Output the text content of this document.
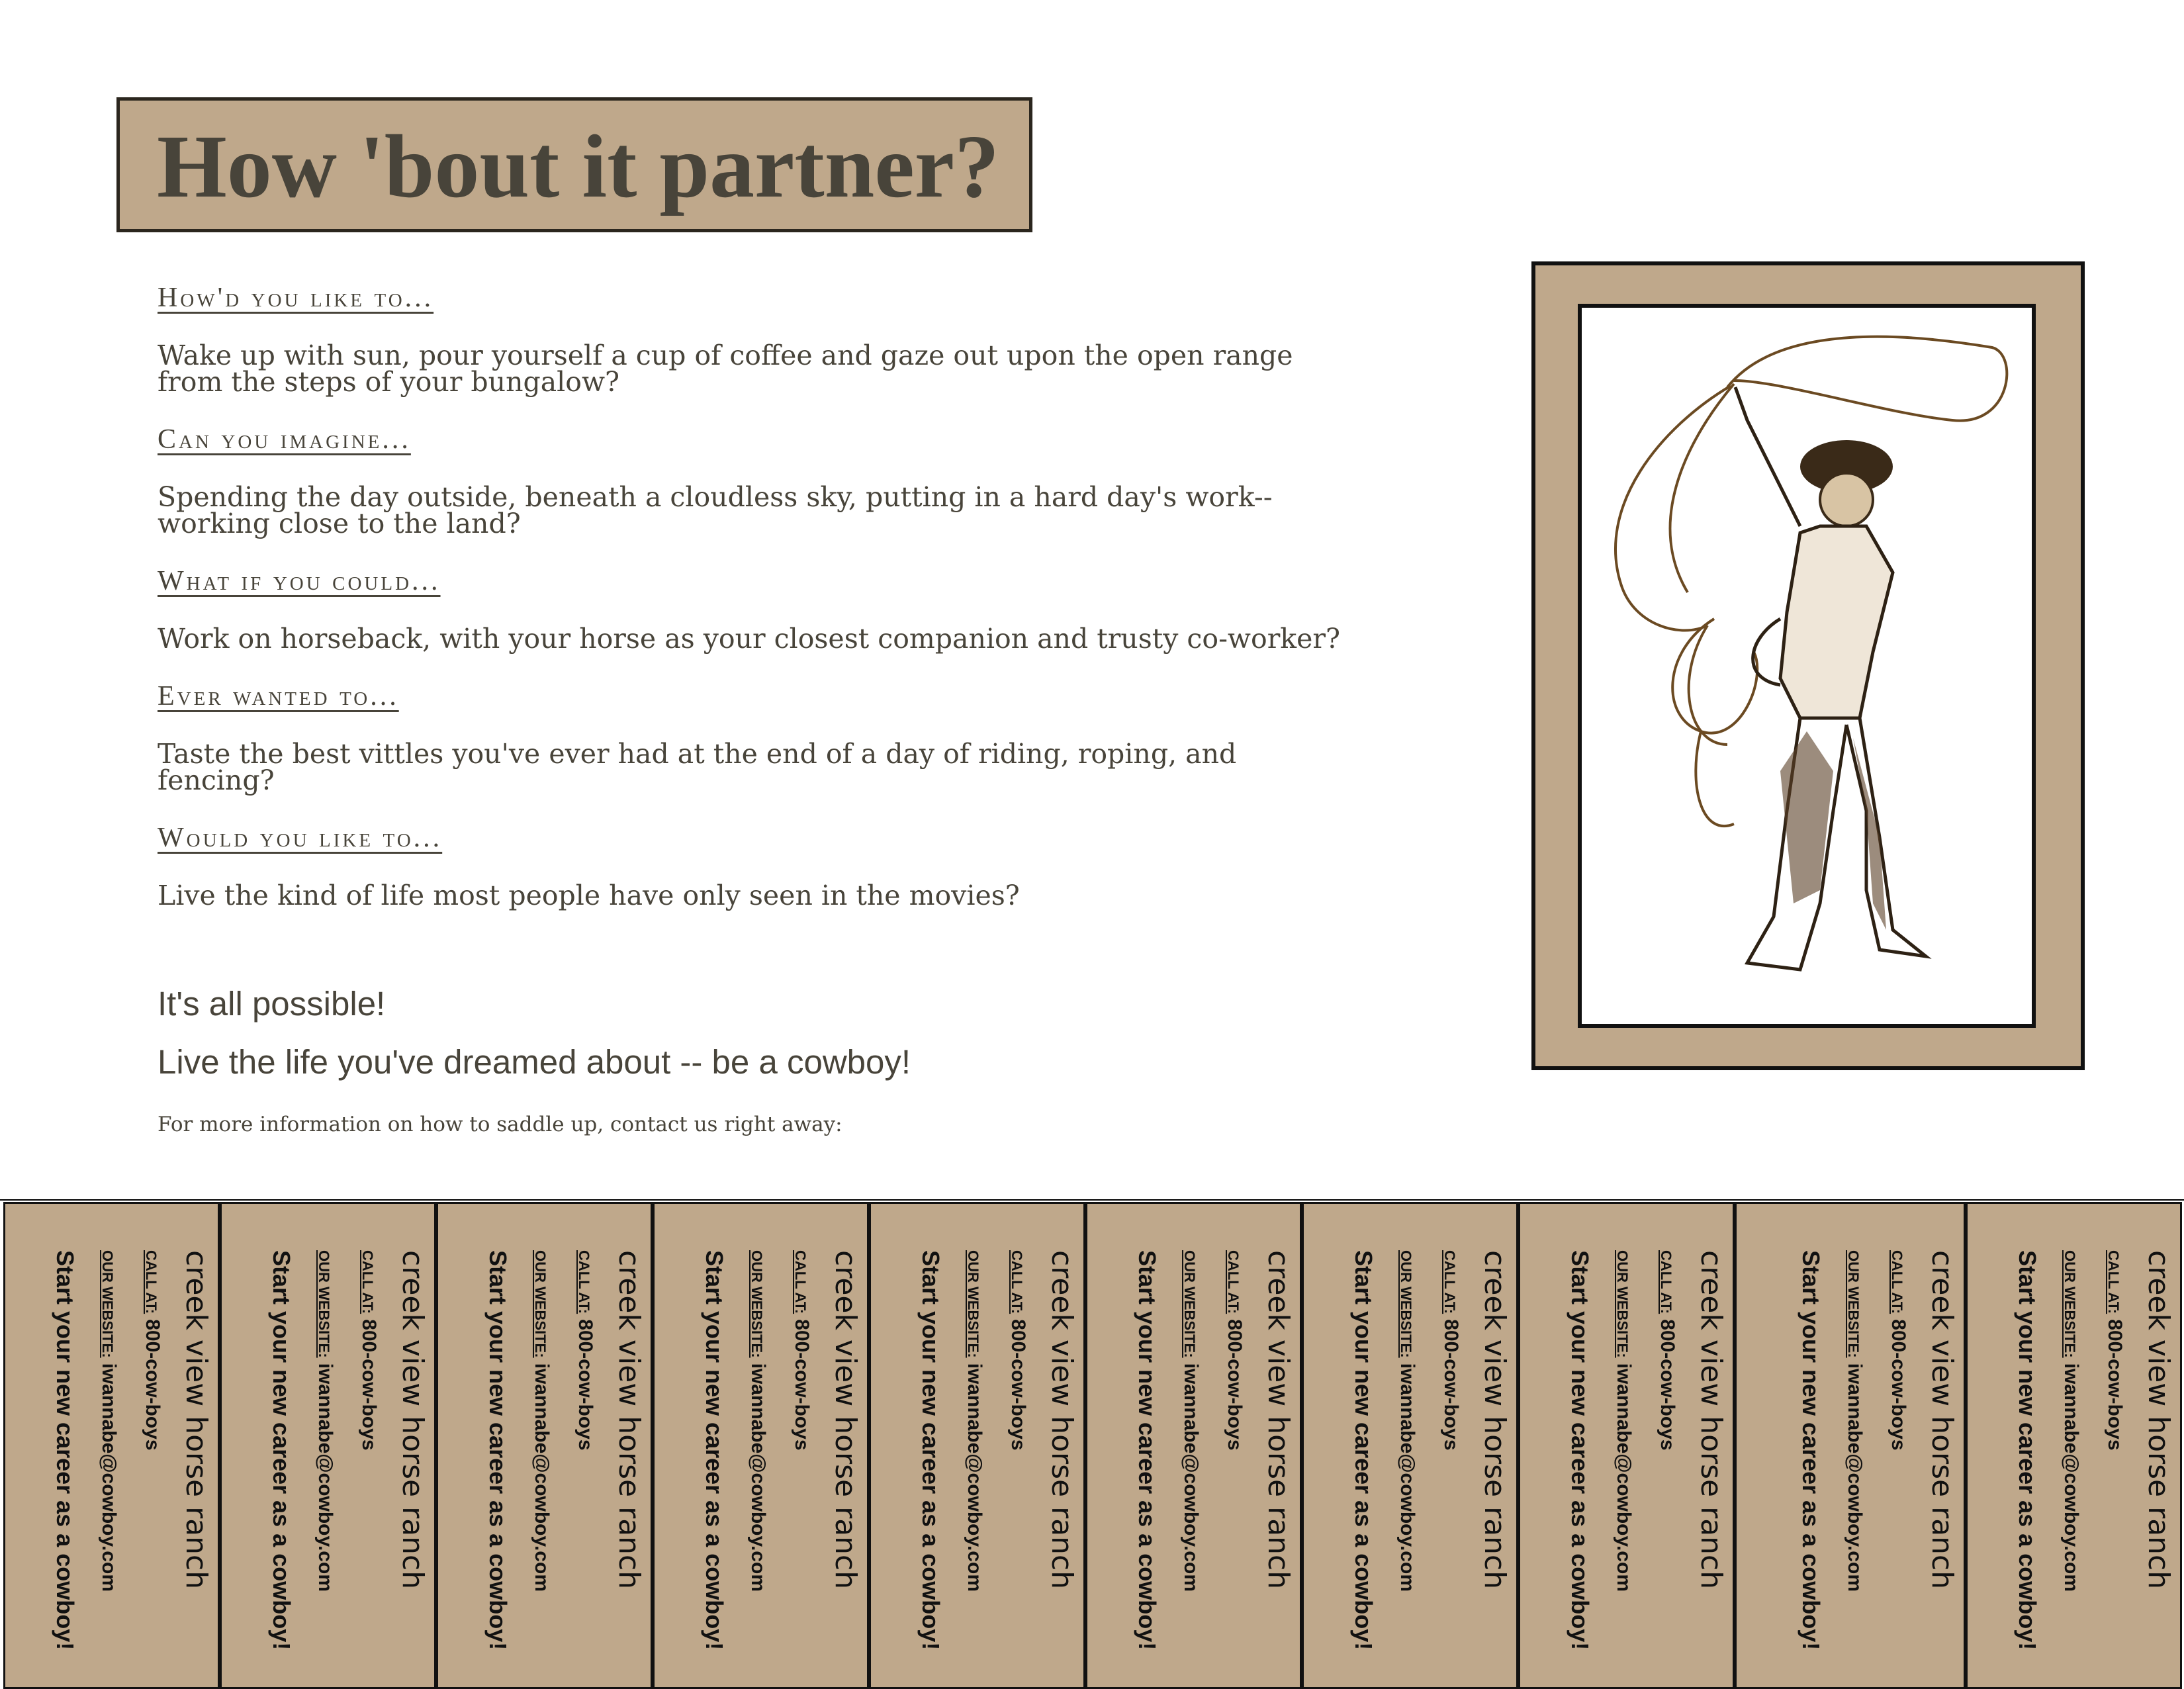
How 'bout it partner?
How'd you like to...

Wake up with sun, pour yourself a cup of coffee and gaze out upon the open range from the steps of your bungalow?

Can you imagine...

Spending the day outside, beneath a cloudless sky, putting in a hard day's work--working close to the land?

What if you could...

Work on horseback, with your horse as your closest companion and trusty co-worker?

Ever wanted to...

Taste the best vittles you've ever had at the end of a day of riding, roping, and fencing?

Would you like to...

Live the kind of life most people have only seen in the movies?

It's all possible!
Live the life you've dreamed about -- be a cowboy!
For more information on how to saddle up, contact us right away:
creek view horse ranch
CALL AT:800-cow-boys
OUR WEBSITE:iwannabe@cowboy.com
Start your new career as a cowboy!	creek view horse ranch
CALL AT:800-cow-boys
OUR WEBSITE:iwannabe@cowboy.com
Start your new career as a cowboy!	creek view horse ranch
CALL AT:800-cow-boys
OUR WEBSITE:iwannabe@cowboy.com
Start your new career as a cowboy!	creek view horse ranch
CALL AT:800-cow-boys
OUR WEBSITE:iwannabe@cowboy.com
Start your new career as a cowboy!	creek view horse ranch
CALL AT:800-cow-boys
OUR WEBSITE:iwannabe@cowboy.com
Start your new career as a cowboy!	creek view horse ranch
CALL AT:800-cow-boys
OUR WEBSITE:iwannabe@cowboy.com
Start your new career as a cowboy!	creek view horse ranch
CALL AT:800-cow-boys
OUR WEBSITE:iwannabe@cowboy.com
Start your new career as a cowboy!	creek view horse ranch
CALL AT:800-cow-boys
OUR WEBSITE:iwannabe@cowboy.com
Start your new career as a cowboy!	creek view horse ranch
CALL AT:800-cow-boys
OUR WEBSITE:iwannabe@cowboy.com
Start your new career as a cowboy!	creek view horse ranch
CALL AT:800-cow-boys
OUR WEBSITE:iwannabe@cowboy.com
Start your new career as a cowboy!
